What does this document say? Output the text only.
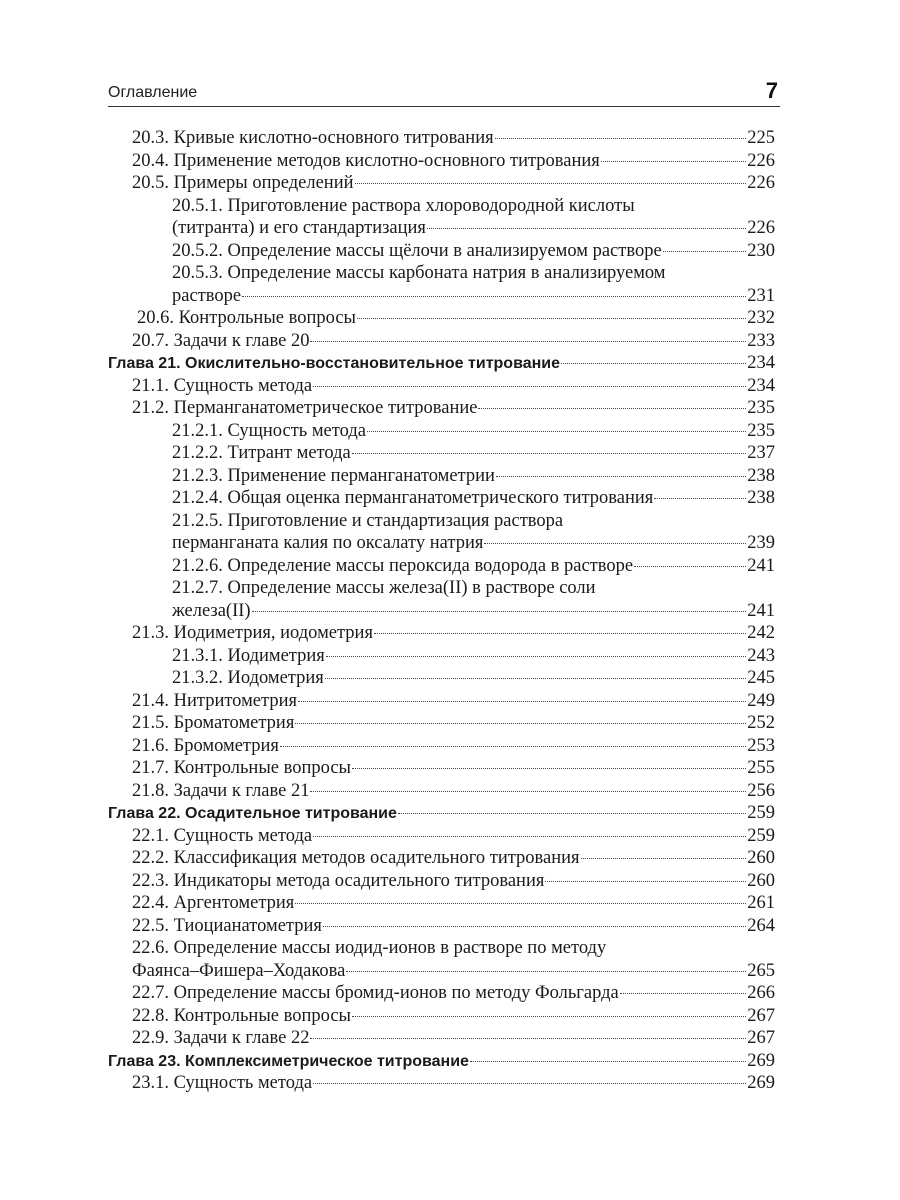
Оглавление	7
20.3. Кривые кислотно-основного титрования	225
20.4. Применение методов кислотно-основного титрования	226
20.5. Примеры определений	226
20.5.1. Приготовление раствора хлороводородной кислоты
(титранта) и его стандартизация	226
20.5.2. Определение массы щёлочи в анализируемом растворе	230
20.5.3. Определение массы карбоната натрия в анализируемом
растворе	231
20.6. Контрольные вопросы	232
20.7. Задачи к главе 20	233
Глава 21. Окислительно-восстановительное титрование	234
21.1. Сущность метода	234
21.2. Перманганатометрическое титрование	235
21.2.1. Сущность метода	235
21.2.2. Титрант метода	237
21.2.3. Применение перманганатометрии	238
21.2.4. Общая оценка перманганатометрического титрования	238
21.2.5. Приготовление и стандартизация раствора
перманганата калия по оксалату натрия	239
21.2.6. Определение массы пероксида водорода в растворе	241
21.2.7. Определение массы железа(II) в растворе соли
железа(II)	241
21.3. Иодиметрия, иодометрия	242
21.3.1. Иодиметрия	243
21.3.2. Иодометрия	245
21.4. Нитритометрия	249
21.5. Броматометрия	252
21.6. Бромометрия	253
21.7. Контрольные вопросы	255
21.8. Задачи к главе 21	256
Глава 22. Осадительное титрование	259
22.1. Сущность метода	259
22.2. Классификация методов осадительного титрования	260
22.3. Индикаторы метода осадительного титрования	260
22.4. Аргентометрия	261
22.5. Тиоцианатометрия	264
22.6. Определение массы иодид-ионов в растворе по методу
Фаянса–Фишера–Ходакова	265
22.7. Определение массы бромид-ионов по методу Фольгарда	266
22.8. Контрольные вопросы	267
22.9. Задачи к главе 22	267
Глава 23. Комплексиметрическое титрование	269
23.1. Сущность метода	269
